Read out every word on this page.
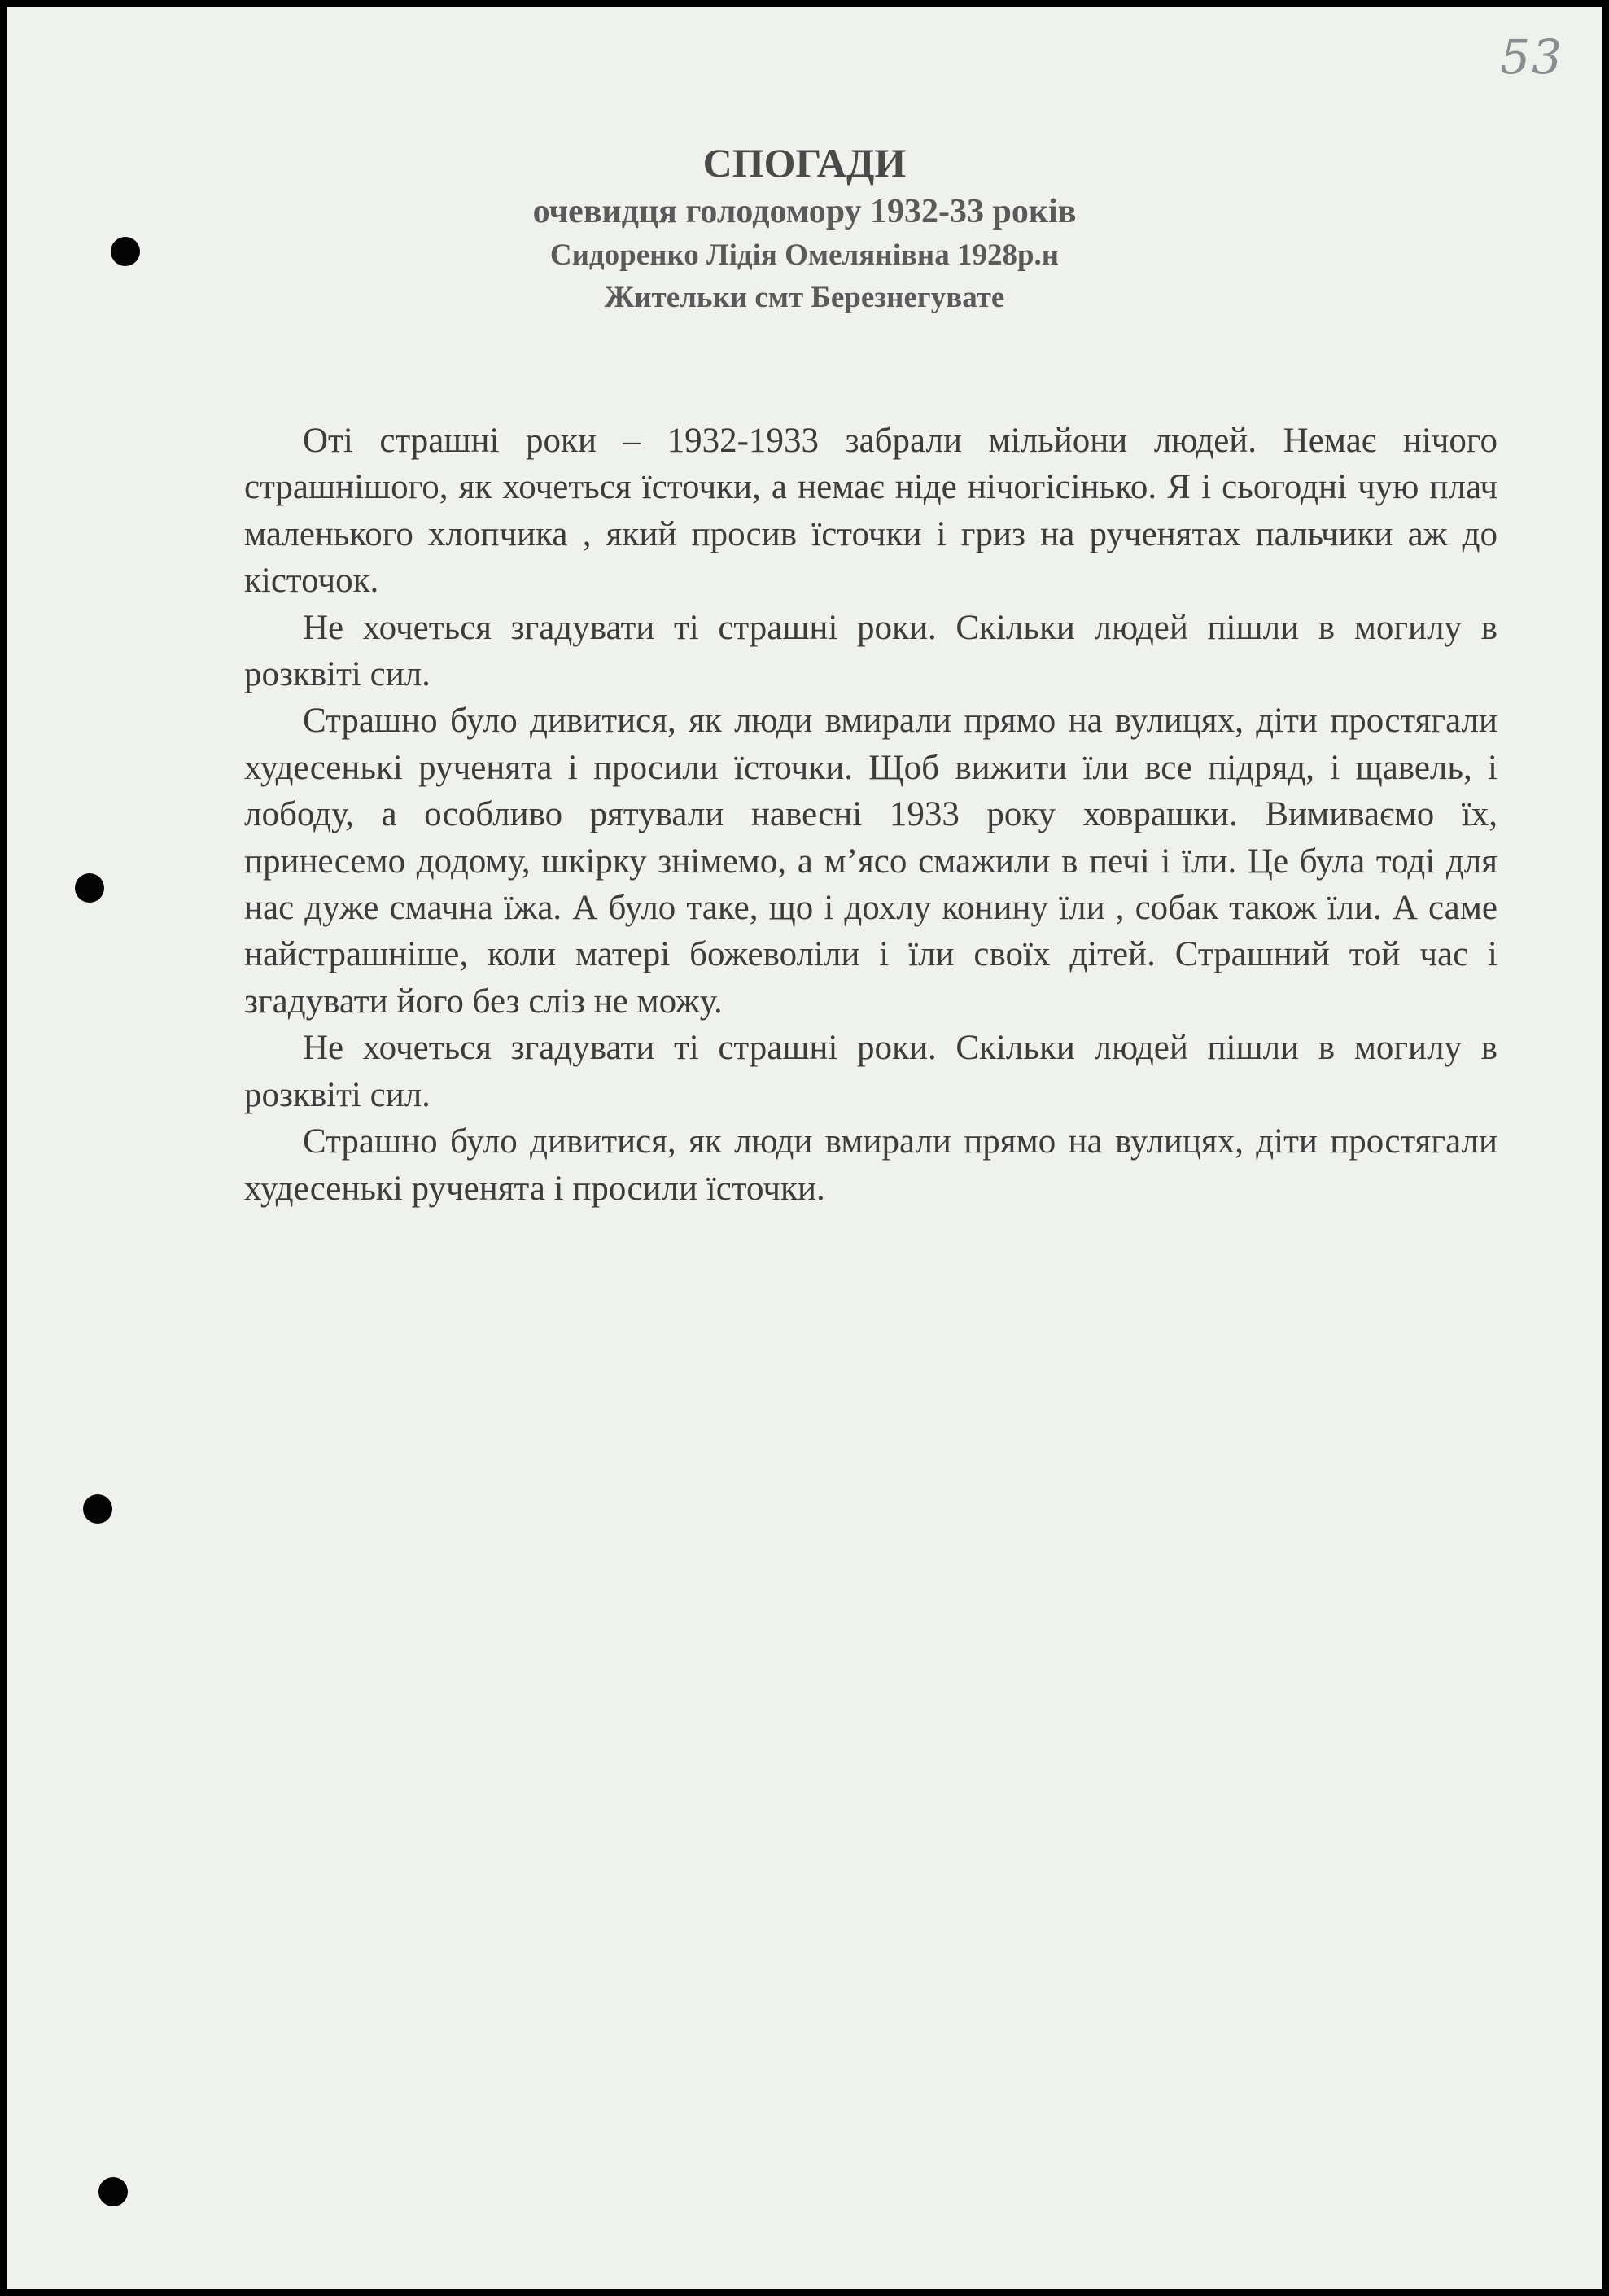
53
СПОГАДИ
очевидця голодомору 1932-33 років
Сидоренко Лідія Омелянівна 1928р.н
Жительки смт Березнегувате

Оті страшні роки – 1932-1933 забрали мільйони людей. Немає нічого страшнішого, як хочеться їсточки, а немає ніде нічогісінько. Я і сьогодні чую плач маленького хлопчика , який просив їсточки і гриз на рученятах пальчики аж до кісточок.

Не хочеться згадувати ті страшні роки. Скільки людей пішли в могилу в розквіті сил.

Страшно було дивитися, як люди вмирали прямо на вулицях, діти простягали худесенькі рученята і просили їсточки. Щоб вижити їли все підряд, і щавель, і лободу, а особливо рятували навесні 1933 року ховрашки. Вимиваємо їх, принесемо додому, шкірку знімемо, а м’ясо смажили в печі і їли. Це була тоді для нас дуже смачна їжа. А було таке, що і дохлу конину їли , собак також їли. А саме найстрашніше, коли матері божеволіли і їли своїх дітей. Страшний той час і згадувати його без сліз не можу.

Не хочеться згадувати ті страшні роки. Скільки людей пішли в могилу в розквіті сил.

Страшно було дивитися, як люди вмирали прямо на вулицях, діти простягали худесенькі рученята і просили їсточки.
